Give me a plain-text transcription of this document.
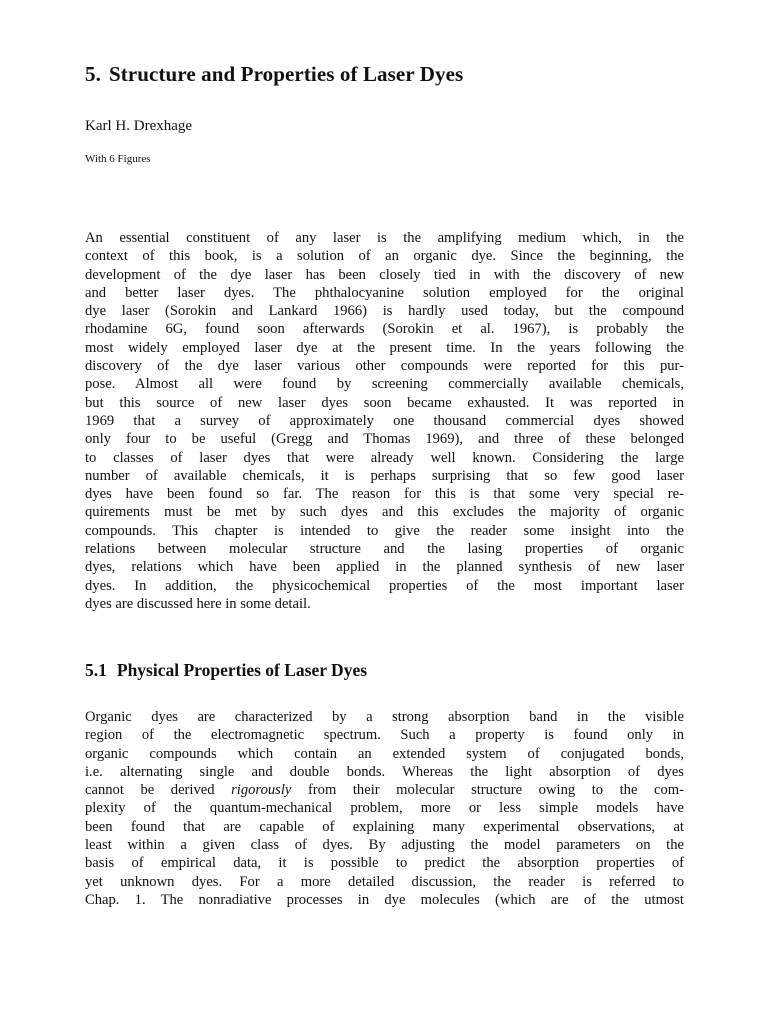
5. Structure and Properties of Laser Dyes

Karl H. Drexhage

With 6 Figures

An essential constituent of any laser is the amplifying medium which, in the
context of this book, is a solution of an organic dye. Since the beginning, the
development of the dye laser has been closely tied in with the discovery of new
and better laser dyes. The phthalocyanine solution employed for the original
dye laser (Sorokin and Lankard 1966) is hardly used today, but the compound
rhodamine 6G, found soon afterwards (Sorokin et al. 1967), is probably the
most widely employed laser dye at the present time. In the years following the
discovery of the dye laser various other compounds were reported for this pur-
pose. Almost all were found by screening commercially available chemicals,
but this source of new laser dyes soon became exhausted. It was reported in
1969 that a survey of approximately one thousand commercial dyes showed
only four to be useful (Gregg and Thomas 1969), and three of these belonged
to classes of laser dyes that were already well known. Considering the large
number of available chemicals, it is perhaps surprising that so few good laser
dyes have been found so far. The reason for this is that some very special re-
quirements must be met by such dyes and this excludes the majority of organic
compounds. This chapter is intended to give the reader some insight into the
relations between molecular structure and the lasing properties of organic
dyes, relations which have been applied in the planned synthesis of new laser
dyes. In addition, the physicochemical properties of the most important laser
dyes are discussed here in some detail.
5.1 Physical Properties of Laser Dyes
Organic dyes are characterized by a strong absorption band in the visible
region of the electromagnetic spectrum. Such a property is found only in
organic compounds which contain an extended system of conjugated bonds,
i.e. alternating single and double bonds. Whereas the light absorption of dyes
cannot be derived rigorously from their molecular structure owing to the com-
plexity of the quantum-mechanical problem, more or less simple models have
been found that are capable of explaining many experimental observations, at
least within a given class of dyes. By adjusting the model parameters on the
basis of empirical data, it is possible to predict the absorption properties of
yet unknown dyes. For a more detailed discussion, the reader is referred to
Chap. 1. The nonradiative processes in dye molecules (which are of the utmost
